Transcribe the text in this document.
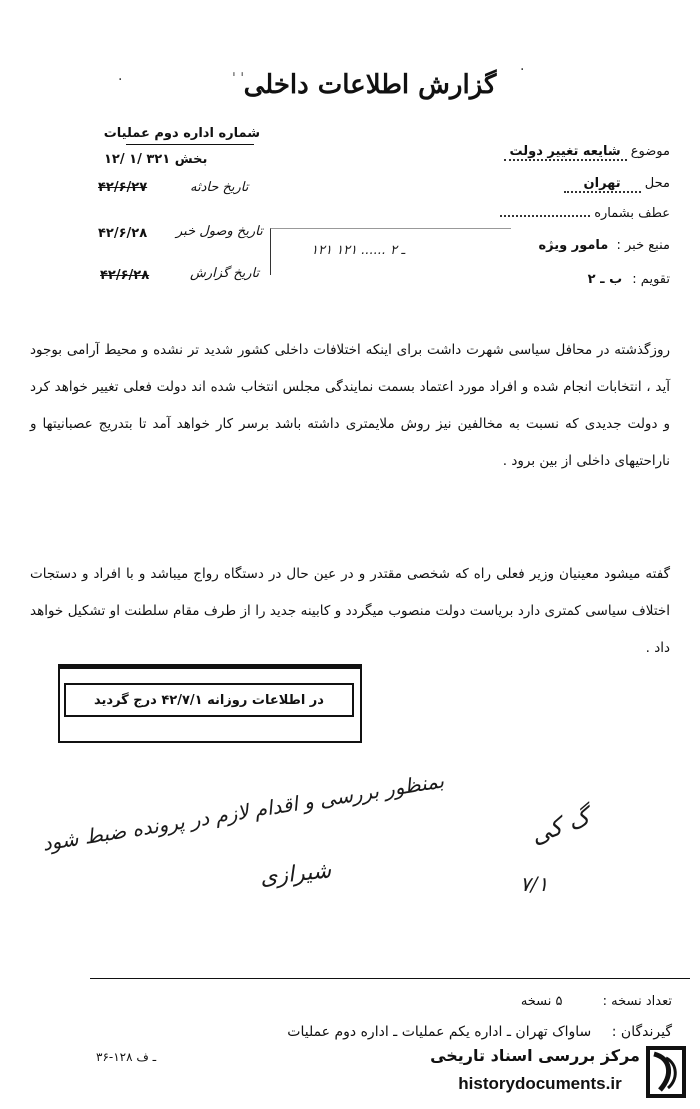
·
ˌ ˌ	·
گزارش اطلاعات داخلی
شماره اداره دوم عملیات
۱۲/ ۱/ بخش ۳۲۱
تاریخ حادثه
۴۲/۶/۲۷
تاریخ وصول خبر
۴۲/۶/۲۸
تاریخ گزارش
۴۲/۶/۲۸
۱۲۱ ـ ۲ ...... ۱۲۱
موضوع شایعه تغییر دولت
محل تهران
عطف بشماره
منبع خبر : مامور ویژه
تقویم : ب ـ ۲

روزگذشته در محافل سیاسی شهرت داشت برای اینکه اختلافات داخلی کشور شدید تر نشده و محیط آرامی بوجود آید ، انتخابات انجام شده و افراد مورد اعتماد بسمت نمایندگی مجلس انتخاب شده اند دولت فعلی تغییر خواهد کرد و دولت جدیدی که نسبت به مخالفین نیز روش ملایمتری داشته باشد برسر کار خواهد آمد تا بتدریج عصبانیتها و ناراحتیهای داخلی از بین برود .

گفته میشود معینیان وزیر فعلی راه که شخصی مقتدر و در عین حال در دستگاه رواج میباشد و با افراد و دستجات اختلاف سیاسی کمتری دارد بریاست دولت منصوب میگردد و کابینه جدید را از طرف مقام سلطنت او تشکیل خواهد داد .

در اطلاعات روزانه ۴۲/۷/۱ درج گردید
بمنظور بررسی و اقدام لازم در پرونده ضبط شود
شیرازی
گ کی
۷/۱
تعداد نسخه : ۵ نسخه
گیرندگان : ساواک تهران ـ اداره یکم عملیات ـ اداره دوم عملیات
۳۶-۱۲۸ ـ ف	مرکز بررسی اسناد تاریخی
historydocuments.ir
